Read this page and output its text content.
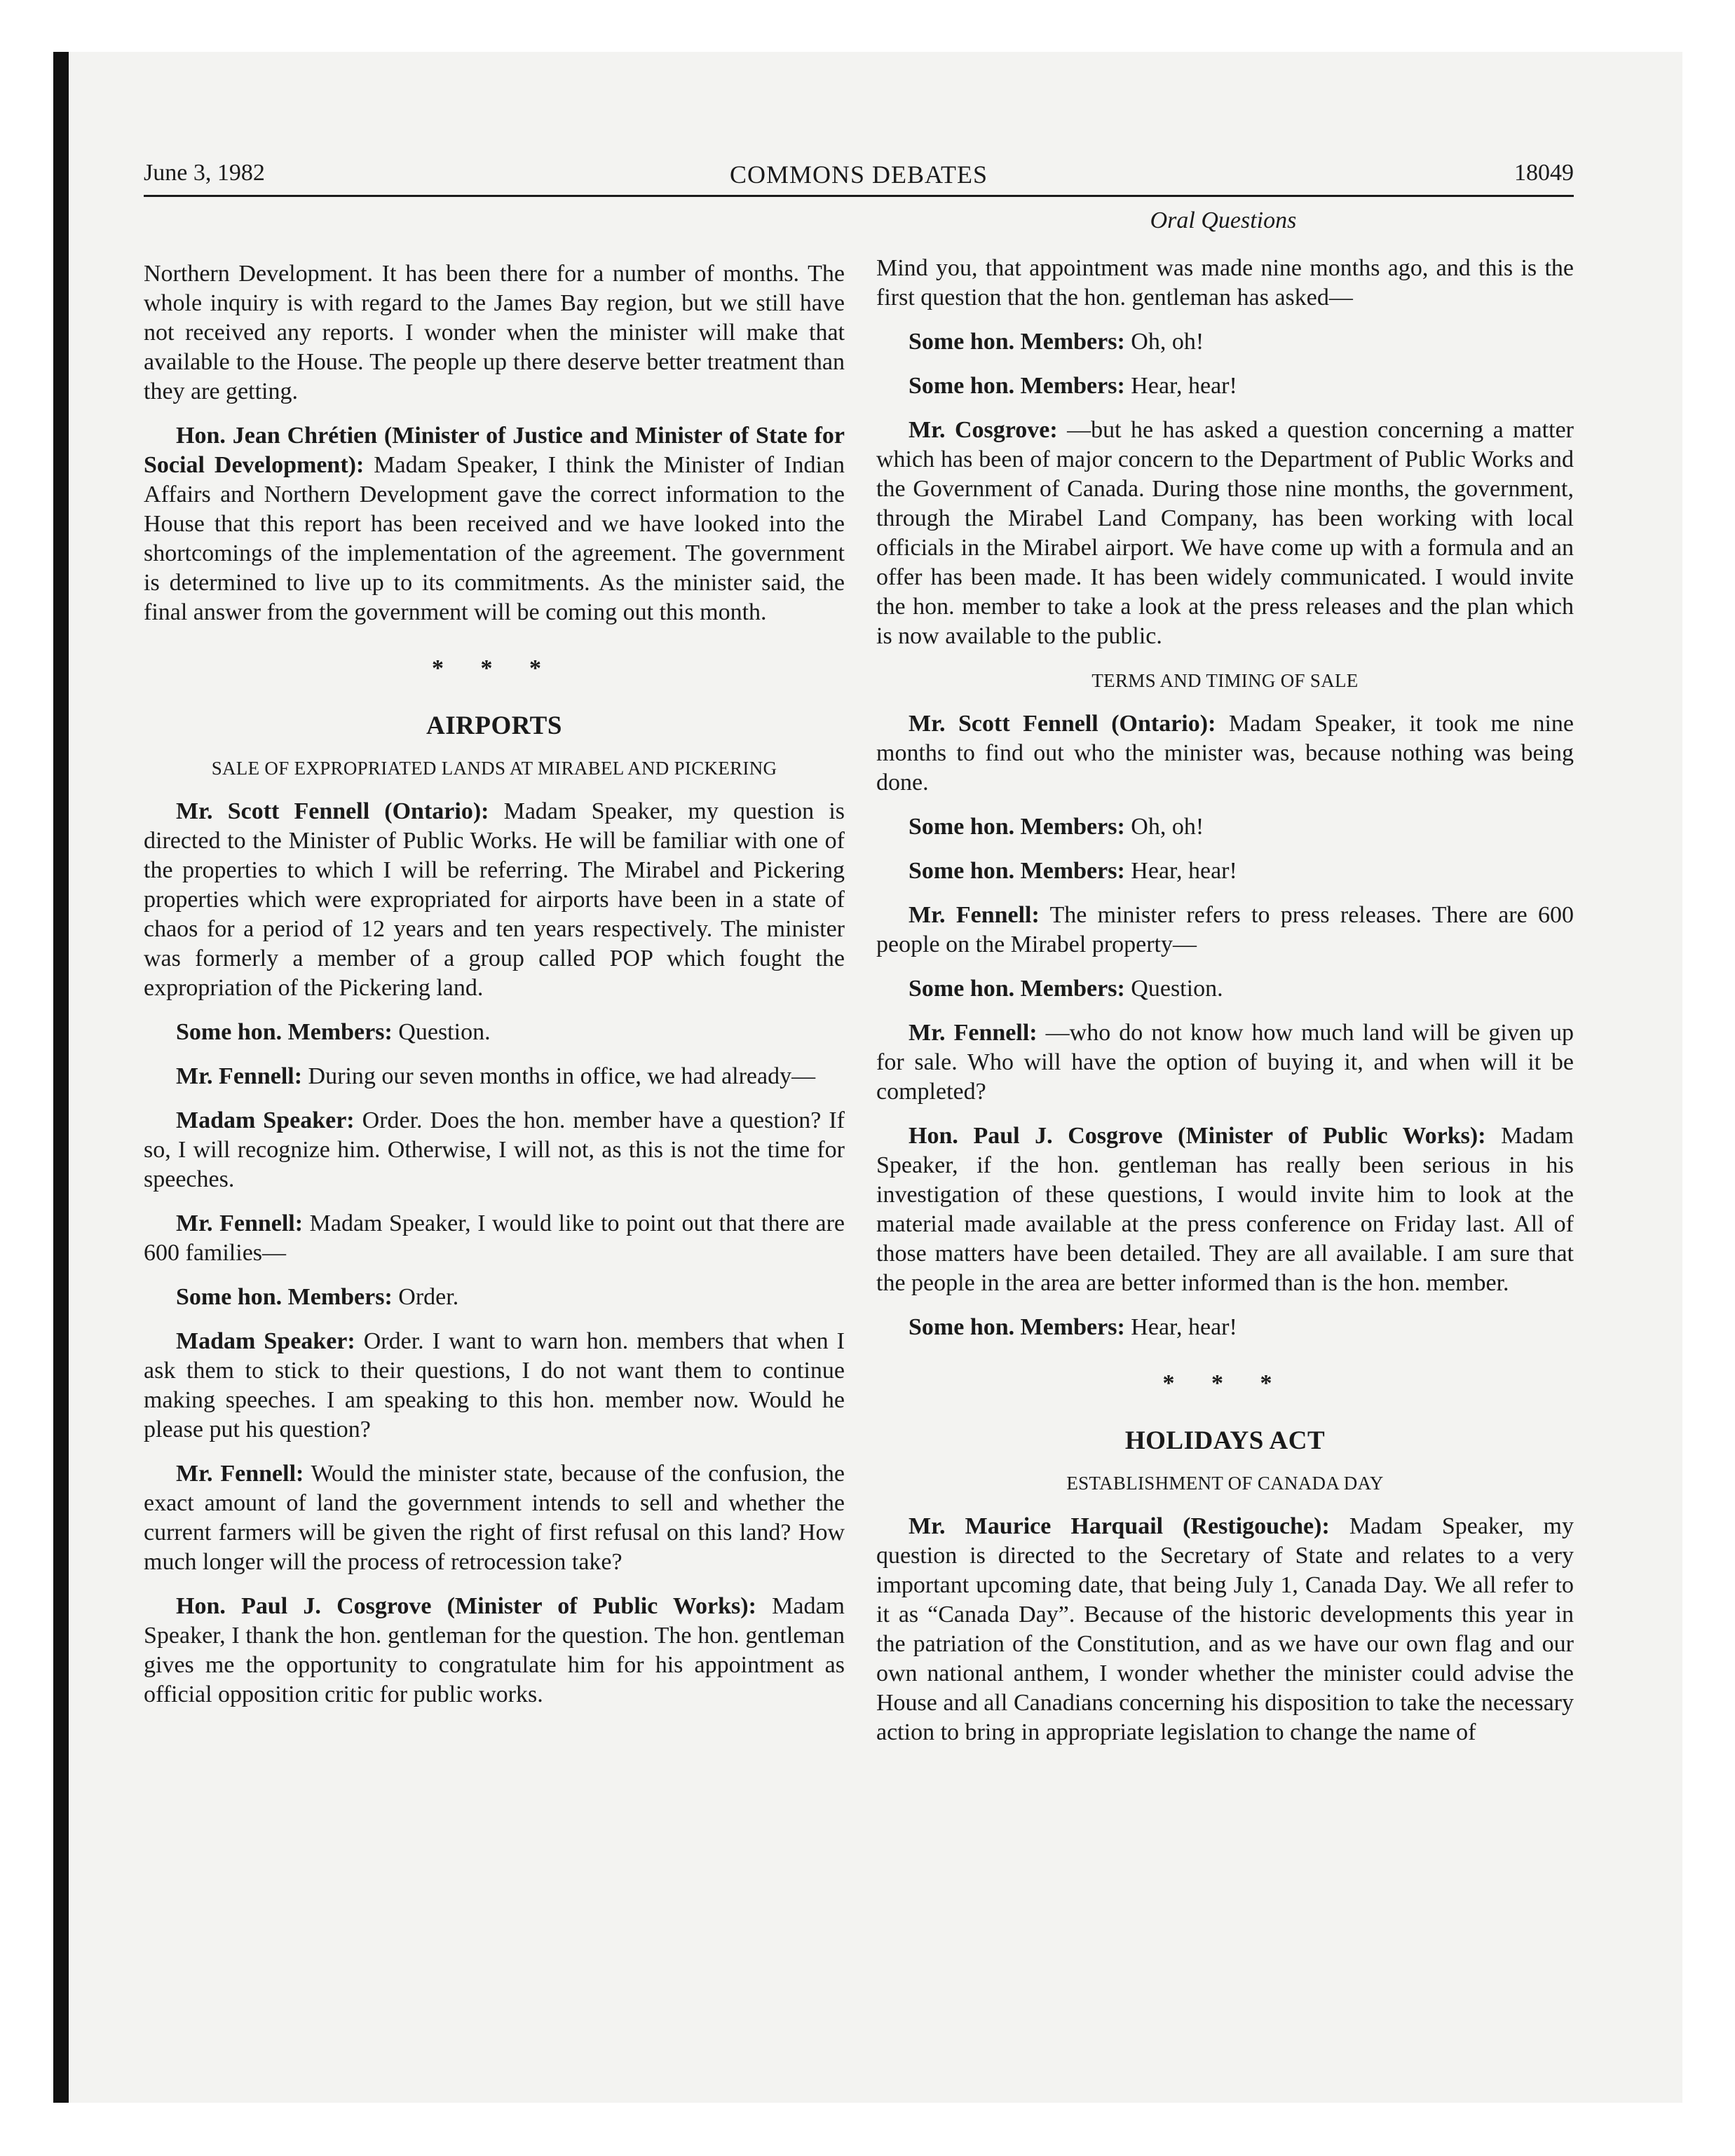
June 3, 1982	COMMONS DEBATES	18049
Oral Questions

Northern Development. It has been there for a number of months. The whole inquiry is with regard to the James Bay region, but we still have not received any reports. I wonder when the minister will make that available to the House. The people up there deserve better treatment than they are getting.

Hon. Jean Chrétien (Minister of Justice and Minister of State for Social Development): Madam Speaker, I think the Minister of Indian Affairs and Northern Development gave the correct information to the House that this report has been received and we have looked into the shortcomings of the implementation of the agreement. The government is determined to live up to its commitments. As the minister said, the final answer from the government will be coming out this month.

* * *
AIRPORTS
SALE OF EXPROPRIATED LANDS AT MIRABEL AND PICKERING

Mr. Scott Fennell (Ontario): Madam Speaker, my question is directed to the Minister of Public Works. He will be familiar with one of the properties to which I will be referring. The Mirabel and Pickering properties which were expropriated for airports have been in a state of chaos for a period of 12 years and ten years respectively. The minister was formerly a member of a group called POP which fought the expropriation of the Pickering land.

Some hon. Members: Question.

Mr. Fennell: During our seven months in office, we had already—

Madam Speaker: Order. Does the hon. member have a question? If so, I will recognize him. Otherwise, I will not, as this is not the time for speeches.

Mr. Fennell: Madam Speaker, I would like to point out that there are 600 families—

Some hon. Members: Order.

Madam Speaker: Order. I want to warn hon. members that when I ask them to stick to their questions, I do not want them to continue making speeches. I am speaking to this hon. member now. Would he please put his question?

Mr. Fennell: Would the minister state, because of the confusion, the exact amount of land the government intends to sell and whether the current farmers will be given the right of first refusal on this land? How much longer will the process of retrocession take?

Hon. Paul J. Cosgrove (Minister of Public Works): Madam Speaker, I thank the hon. gentleman for the question. The hon. gentleman gives me the opportunity to congratulate him for his appointment as official opposition critic for public works.

Mind you, that appointment was made nine months ago, and this is the first question that the hon. gentleman has asked—

Some hon. Members: Oh, oh!

Some hon. Members: Hear, hear!

Mr. Cosgrove: —but he has asked a question concerning a matter which has been of major concern to the Department of Public Works and the Government of Canada. During those nine months, the government, through the Mirabel Land Company, has been working with local officials in the Mirabel airport. We have come up with a formula and an offer has been made. It has been widely communicated. I would invite the hon. member to take a look at the press releases and the plan which is now available to the public.

TERMS AND TIMING OF SALE

Mr. Scott Fennell (Ontario): Madam Speaker, it took me nine months to find out who the minister was, because nothing was being done.

Some hon. Members: Oh, oh!

Some hon. Members: Hear, hear!

Mr. Fennell: The minister refers to press releases. There are 600 people on the Mirabel property—

Some hon. Members: Question.

Mr. Fennell: —who do not know how much land will be given up for sale. Who will have the option of buying it, and when will it be completed?

Hon. Paul J. Cosgrove (Minister of Public Works): Madam Speaker, if the hon. gentleman has really been serious in his investigation of these questions, I would invite him to look at the material made available at the press conference on Friday last. All of those matters have been detailed. They are all available. I am sure that the people in the area are better informed than is the hon. member.

Some hon. Members: Hear, hear!

* * *
HOLIDAYS ACT
ESTABLISHMENT OF CANADA DAY

Mr. Maurice Harquail (Restigouche): Madam Speaker, my question is directed to the Secretary of State and relates to a very important upcoming date, that being July 1, Canada Day. We all refer to it as “Canada Day”. Because of the historic developments this year in the patriation of the Constitution, and as we have our own flag and our own national anthem, I wonder whether the minister could advise the House and all Canadians concerning his disposition to take the necessary action to bring in appropriate legislation to change the name of
